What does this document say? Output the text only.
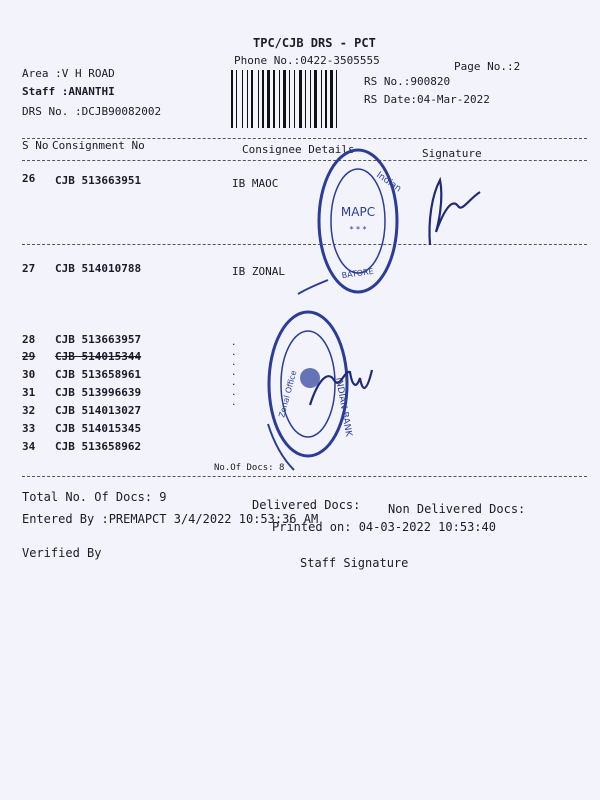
TPC/CJB DRS - PCT
Phone No.:0422-3505555	Page No.:2
Area :V H ROAD
Staff :ANANTHI
DRS No. :DCJB90082002
RS No.:900820
RS Date:04-Mar-2022
S No Consignment No	Consignee Details	Signature
26 CJB 513663951	IB MAOC
27 CJB 514010788	IB ZONAL
28 CJB 513663957
29 CJB 514015344
30 CJB 513658961
31 CJB 513996639
32 CJB 514013027
33 CJB 514015345
34 CJB 513658962
.
.
.
.
.
.
.
No.Of Docs: 8
Total No. Of Docs: 9
Delivered Docs: Non Delivered Docs:
Entered By :PREMAPCT 3/4/2022 10:53:36 AM
Printed on: 04-03-2022 10:53:40
Verified By
Staff Signature
MAPC
* * *
BATORE
Indian
INDIAN BANK
Zonal Office
